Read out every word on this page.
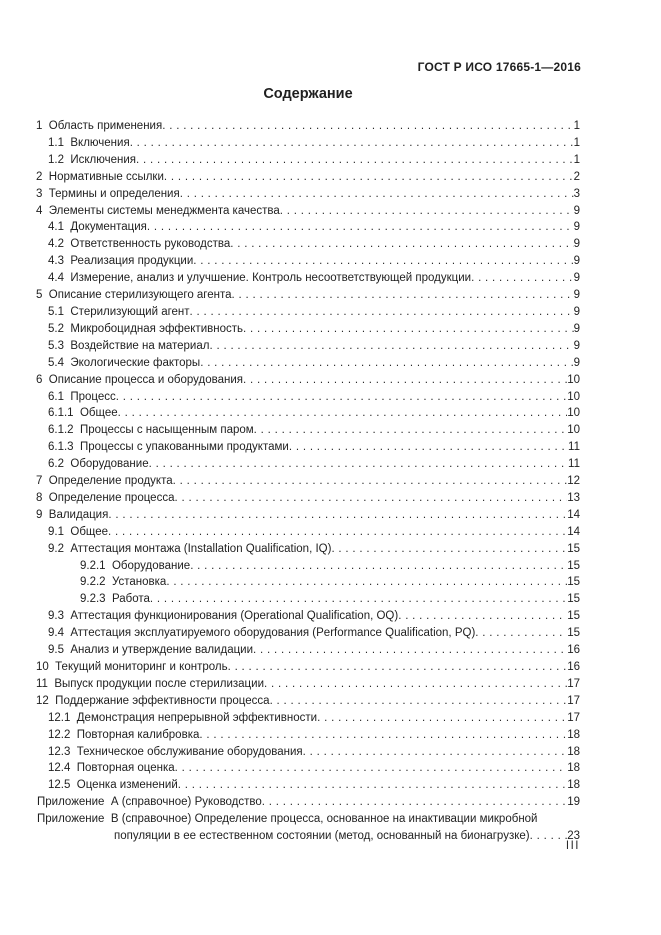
ГОСТ Р ИСО 17665-1—2016
Содержание
1  Область применения . . .	1
1.1  Включения . . .	1
1.2  Исключения . . .	1
2  Нормативные ссылки . . .	2
3  Термины и определения . . .	3
4  Элементы системы менеджмента качества . . .	9
4.1  Документация . . .	9
4.2  Ответственность руководства . . .	9
4.3  Реализация продукции . . .	9
4.4  Измерение, анализ и улучшение. Контроль несоответствующей продукции . . .	9
5  Описание стерилизующего агента . . .	9
5.1  Стерилизующий агент . . .	9
5.2  Микробоцидная эффективность . . .	9
5.3  Воздействие на материал . . .	9
5.4  Экологические факторы . . .	9
6  Описание процесса и оборудования . . .	10
6.1  Процесс . . .	10
6.1.1  Общее . . .	10
6.1.2  Процессы с насыщенным паром . . .	10
6.1.3  Процессы с упакованными продуктами . . .	11
6.2  Оборудование . . .	11
7  Определение продукта . . .	12
8  Определение процесса . . .	13
9  Валидация . . .	14
9.1  Общее . . .	14
9.2  Аттестация монтажа (Installation Qualification, IQ) . . .	15
9.2.1  Оборудование . . .	15
9.2.2  Установка . . .	15
9.2.3  Работа . . .	15
9.3  Аттестация функционирования (Operational Qualification, OQ) . . .	15
9.4  Аттестация эксплуатируемого оборудования (Performance Qualification, PQ) . . .	15
9.5  Анализ и утверждение валидации . . .	16
10  Текущий мониторинг и контроль . . .	16
11  Выпуск продукции после стерилизации . . .	17
12  Поддержание эффективности процесса . . .	17
12.1  Демонстрация непрерывной эффективности . . .	17
12.2  Повторная калибровка . . .	18
12.3  Техническое обслуживание оборудования . . .	18
12.4  Повторная оценка . . .	18
12.5  Оценка изменений . . .	18
Приложение  А (справочное) Руководство . . .	19
Приложение  В (справочное) Определение процесса, основанное на инактивации микробной
популяции в ее естественном состоянии (метод, основанный на бионагрузке) . . .	23
III
